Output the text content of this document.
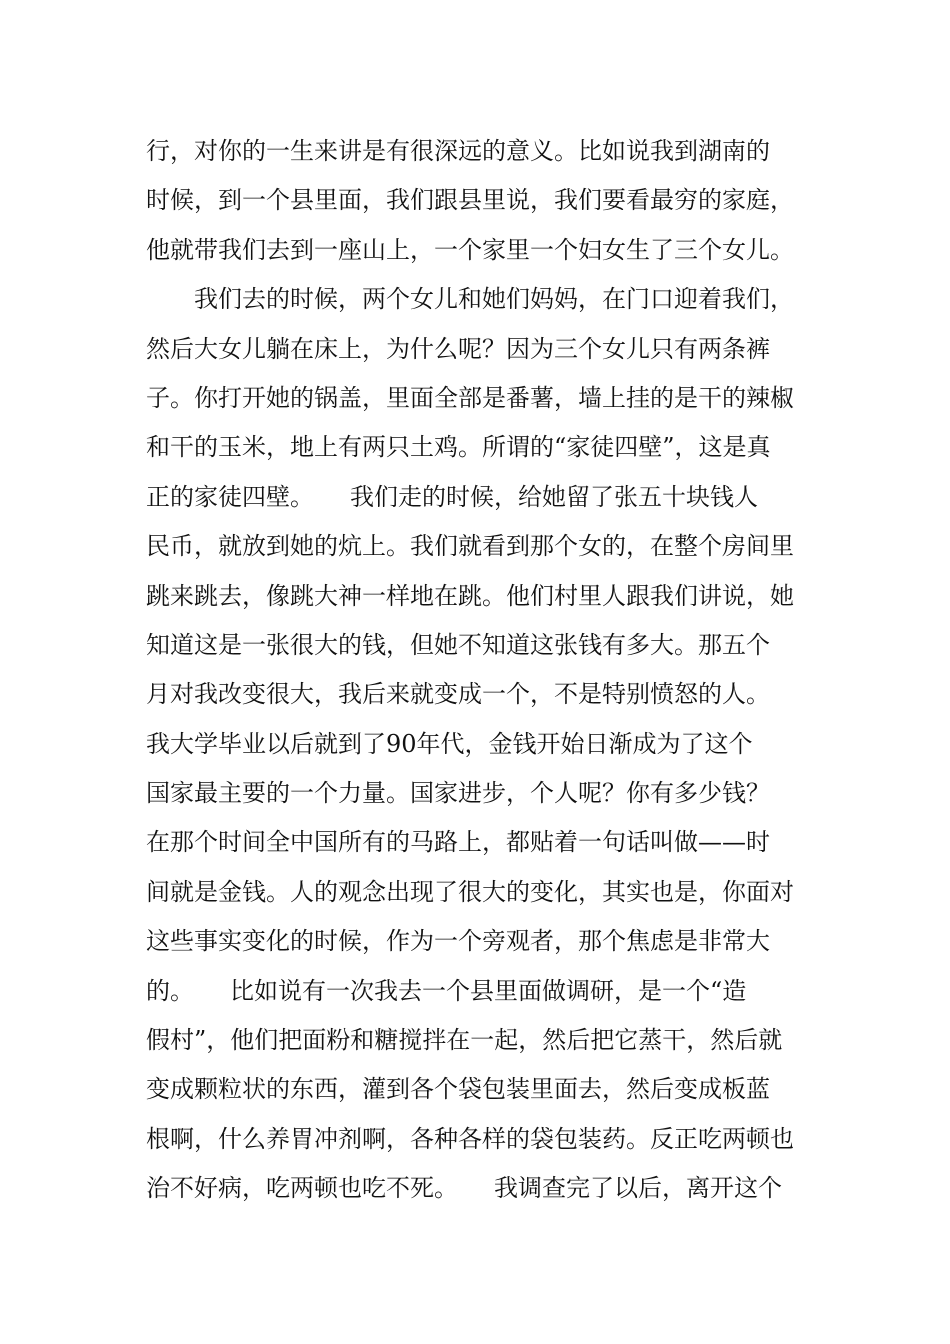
行，对你的一生来讲是有很深远的意义。比如说我到湖南的
时候，到一个县里面，我们跟县里说，我们要看最穷的家庭，
他就带我们去到一座山上，一个家里一个妇女生了三个女儿。
　　我们去的时候，两个女儿和她们妈妈，在门口迎着我们，
然后大女儿躺在床上，为什么呢？因为三个女儿只有两条裤
子。你打开她的锅盖，里面全部是番薯，墙上挂的是干的辣椒
和干的玉米，地上有两只土鸡。所谓的“家徒四壁”，这是真
正的家徒四壁。　　我们走的时候，给她留了张五十块钱人
民币，就放到她的炕上。我们就看到那个女的，在整个房间里
跳来跳去，像跳大神一样地在跳。他们村里人跟我们讲说，她
知道这是一张很大的钱，但她不知道这张钱有多大。那五个
月对我改变很大，我后来就变成一个，不是特别愤怒的人。
我大学毕业以后就到了90年代，金钱开始日渐成为了这个
国家最主要的一个力量。国家进步，个人呢？你有多少钱？
在那个时间全中国所有的马路上，都贴着一句话叫做——时
间就是金钱。人的观念出现了很大的变化，其实也是，你面对
这些事实变化的时候，作为一个旁观者，那个焦虑是非常大
的。　　比如说有一次我去一个县里面做调研，是一个“造
假村”，他们把面粉和糖搅拌在一起，然后把它蒸干，然后就
变成颗粒状的东西，灌到各个袋包装里面去，然后变成板蓝
根啊，什么养胃冲剂啊，各种各样的袋包装药。反正吃两顿也
治不好病，吃两顿也吃不死。　　我调查完了以后，离开这个
